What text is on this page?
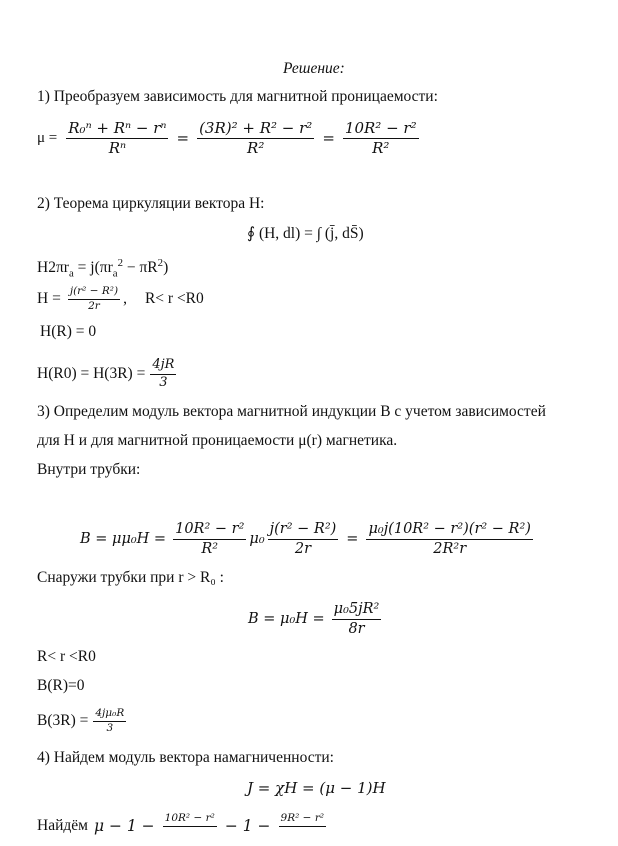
Решение:
1) Преобразуем зависимость для магнитной проницаемости:
$\mu = \frac{\text{R₀ⁿ + Rⁿ − rⁿ}}{\text{Rⁿ}} = \frac{\text{(3R)² + R² − r²}}{\text{R²}} = \frac{\text{10R² − r²}}{\text{R²}}$
2) Теорема циркуляции вектора H:
∮ (H, dl) = ∫ (j̄, dS̄)
$H2\pi r_a = j(\pi r_a^2 - \pi R^2)$
$H = \frac{\text{j(r² − R²)}}{2r}$ , R< r <R0
H(R) = 0
$H(R0) = H(3R) = \frac{4jR}{3}$
3) Определим модуль вектора магнитной индукции B с учетом зависимостей
для H и для магнитной проницаемости μ(r) магнетика.
Внутри трубки:
$B = \mu\mu_0H = \frac{\text{10R² − r²}}{\text{R²}} \mu_0 \frac{\text{j(r² − R²)}}{2r} = \frac{\text{μ₀j(10R² − r²)(r² − R²)}}{\text{2R²r}}$
Снаружи трубки при r > R₀ :
$B = \mu_0H = \frac{\text{μ₀5jR²}}{8r}$
R< r <R0
B(R)=0
$B(3R) = \frac{\text{4jμ₀R}}{3}$
4) Найдем модуль вектора намагниченности:
J = χH = (μ − 1)H
Найдём μ − 1 − 10R² − r²
− 1 − 9R² − r²
